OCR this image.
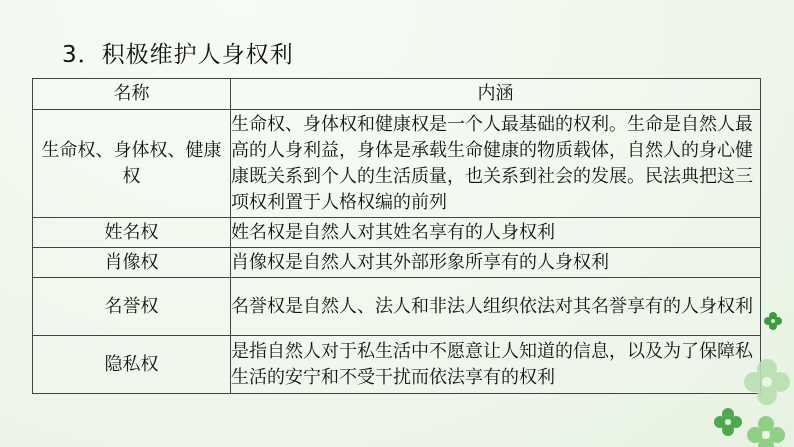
3．积极维护人身权利
名称	内涵
生命权、身体权、健康权	生命权、身体权和健康权是一个人最基础的权利。生命是自然人最高的人身利益，身体是承载生命健康的物质载体，自然人的身心健康既关系到个人的生活质量，也关系到社会的发展。民法典把这三项权利置于人格权编的前列
姓名权	姓名权是自然人对其姓名享有的人身权利
肖像权	肖像权是自然人对其外部形象所享有的人身权利
名誉权	名誉权是自然人、法人和非法人组织依法对其名誉享有的人身权利
隐私权	是指自然人对于私生活中不愿意让人知道的信息，以及为了保障私生活的安宁和不受干扰而依法享有的权利
